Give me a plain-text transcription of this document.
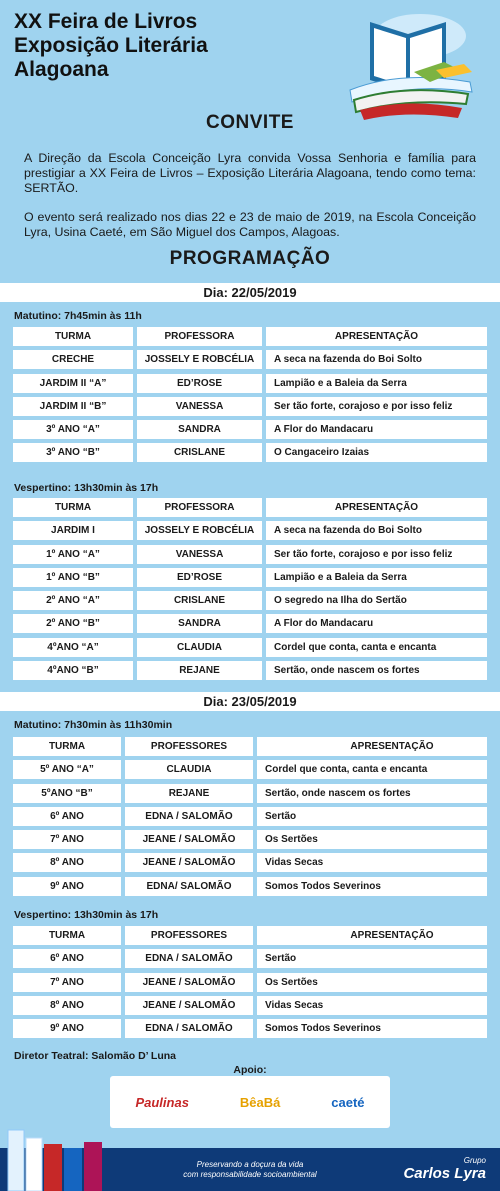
XX Feira de Livros
Exposição Literária
Alagoana
CONVITE

A Direção da Escola Conceição Lyra convida Vossa Senhoria e família para prestigiar a XX Feira de Livros – Exposição Literária Alagoana, tendo como tema: SERTÃO.

O evento será realizado nos dias 22 e 23 de maio de 2019, na Escola Conceição Lyra, Usina Caeté, em São Miguel dos Campos, Alagoas.

PROGRAMAÇÃO
Dia: 22/05/2019
Matutino: 7h45min às 11h
TURMA	PROFESSORA	APRESENTAÇÃO
CRECHE	JOSSELY E ROBCÉLIA	A seca na fazenda do Boi Solto
JARDIM II “A”	ED’ROSE	Lampião e a Baleia da Serra
JARDIM II “B”	VANESSA	Ser tão forte, corajoso e por isso feliz
3º ANO “A”	SANDRA	A Flor do Mandacaru
3º ANO “B”	CRISLANE	O Cangaceiro Izaias
Vespertino: 13h30min às 17h
TURMA	PROFESSORA	APRESENTAÇÃO
JARDIM I	JOSSELY E ROBCÉLIA	A seca na fazenda do Boi Solto
1º ANO “A”	VANESSA	Ser tão forte, corajoso e por isso feliz
1º ANO “B”	ED’ROSE	Lampião e a Baleia da Serra
2º ANO “A”	CRISLANE	O segredo na Ilha do Sertão
2º ANO “B”	SANDRA	A Flor do Mandacaru
4ºANO “A”	CLAUDIA	Cordel que conta, canta e encanta
4ºANO “B”	REJANE	Sertão, onde nascem os fortes
Dia: 23/05/2019
Matutino: 7h30min às 11h30min
TURMA	PROFESSORES	APRESENTAÇÃO
5º ANO “A”	CLAUDIA	Cordel que conta, canta e encanta
5ºANO “B”	REJANE	Sertão, onde nascem os fortes
6º ANO	EDNA / SALOMÃO	Sertão
7º ANO	JEANE / SALOMÃO	Os Sertões
8º ANO	JEANE / SALOMÃO	Vidas Secas
9º ANO	EDNA/ SALOMÃO	Somos Todos Severinos
Vespertino: 13h30min às 17h
TURMA	PROFESSORES	APRESENTAÇÃO
6º ANO	EDNA / SALOMÃO	Sertão
7º ANO	JEANE / SALOMÃO	Os Sertões
8º ANO	JEANE / SALOMÃO	Vidas Secas
9º ANO	EDNA / SALOMÃO	Somos Todos Severinos
Diretor Teatral: Salomão D’ Luna
Apoio:
Paulinas	BêaBá	caeté
Preservando a doçura da vida
com responsabilidade socioambiental
Grupo
Carlos Lyra
